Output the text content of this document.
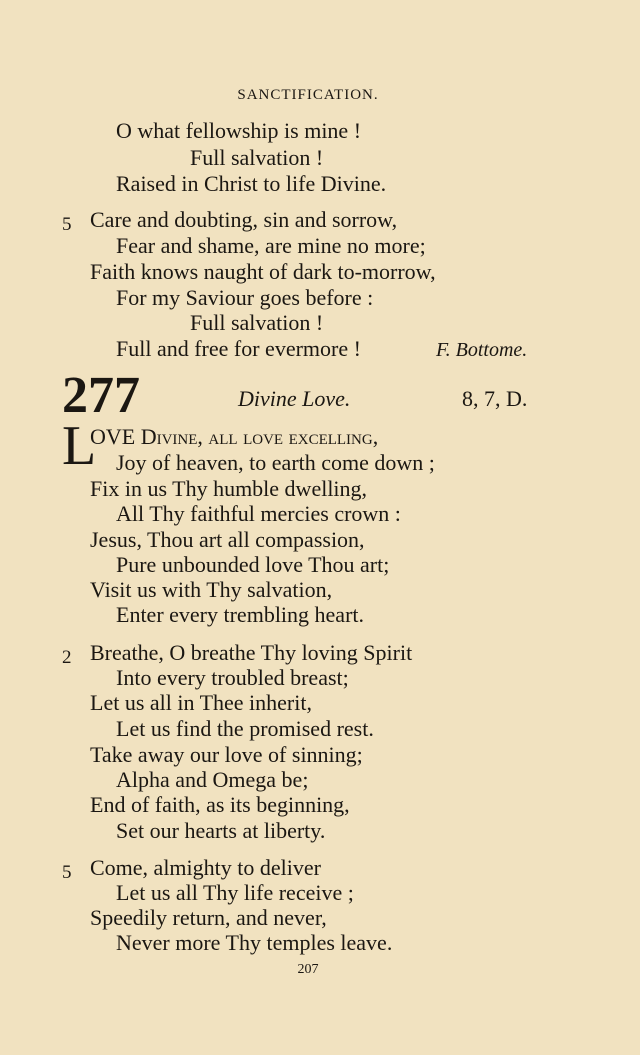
SANCTIFICATION.
O what fellowship is mine !
Full salvation !
Raised in Christ to life Divine.
5 Care and doubting, sin and sorrow,
Fear and shame, are mine no more;
Faith knows naught of dark to-morrow,
For my Saviour goes before :
Full salvation !
Full and free for evermore !	F. Bottome.
277	Divine Love.	8, 7, D.
L
OVE Divine, all love excelling,
Joy of heaven, to earth come down ;
Fix in us Thy humble dwelling,
All Thy faithful mercies crown :
Jesus, Thou art all compassion,
Pure unbounded love Thou art;
Visit us with Thy salvation,
Enter every trembling heart.
2 Breathe, O breathe Thy loving Spirit
Into every troubled breast;
Let us all in Thee inherit,
Let us find the promised rest.
Take away our love of sinning;
Alpha and Omega be;
End of faith, as its beginning,
Set our hearts at liberty.
5 Come, almighty to deliver
Let us all Thy life receive ;
Speedily return, and never,
Never more Thy temples leave.
207
